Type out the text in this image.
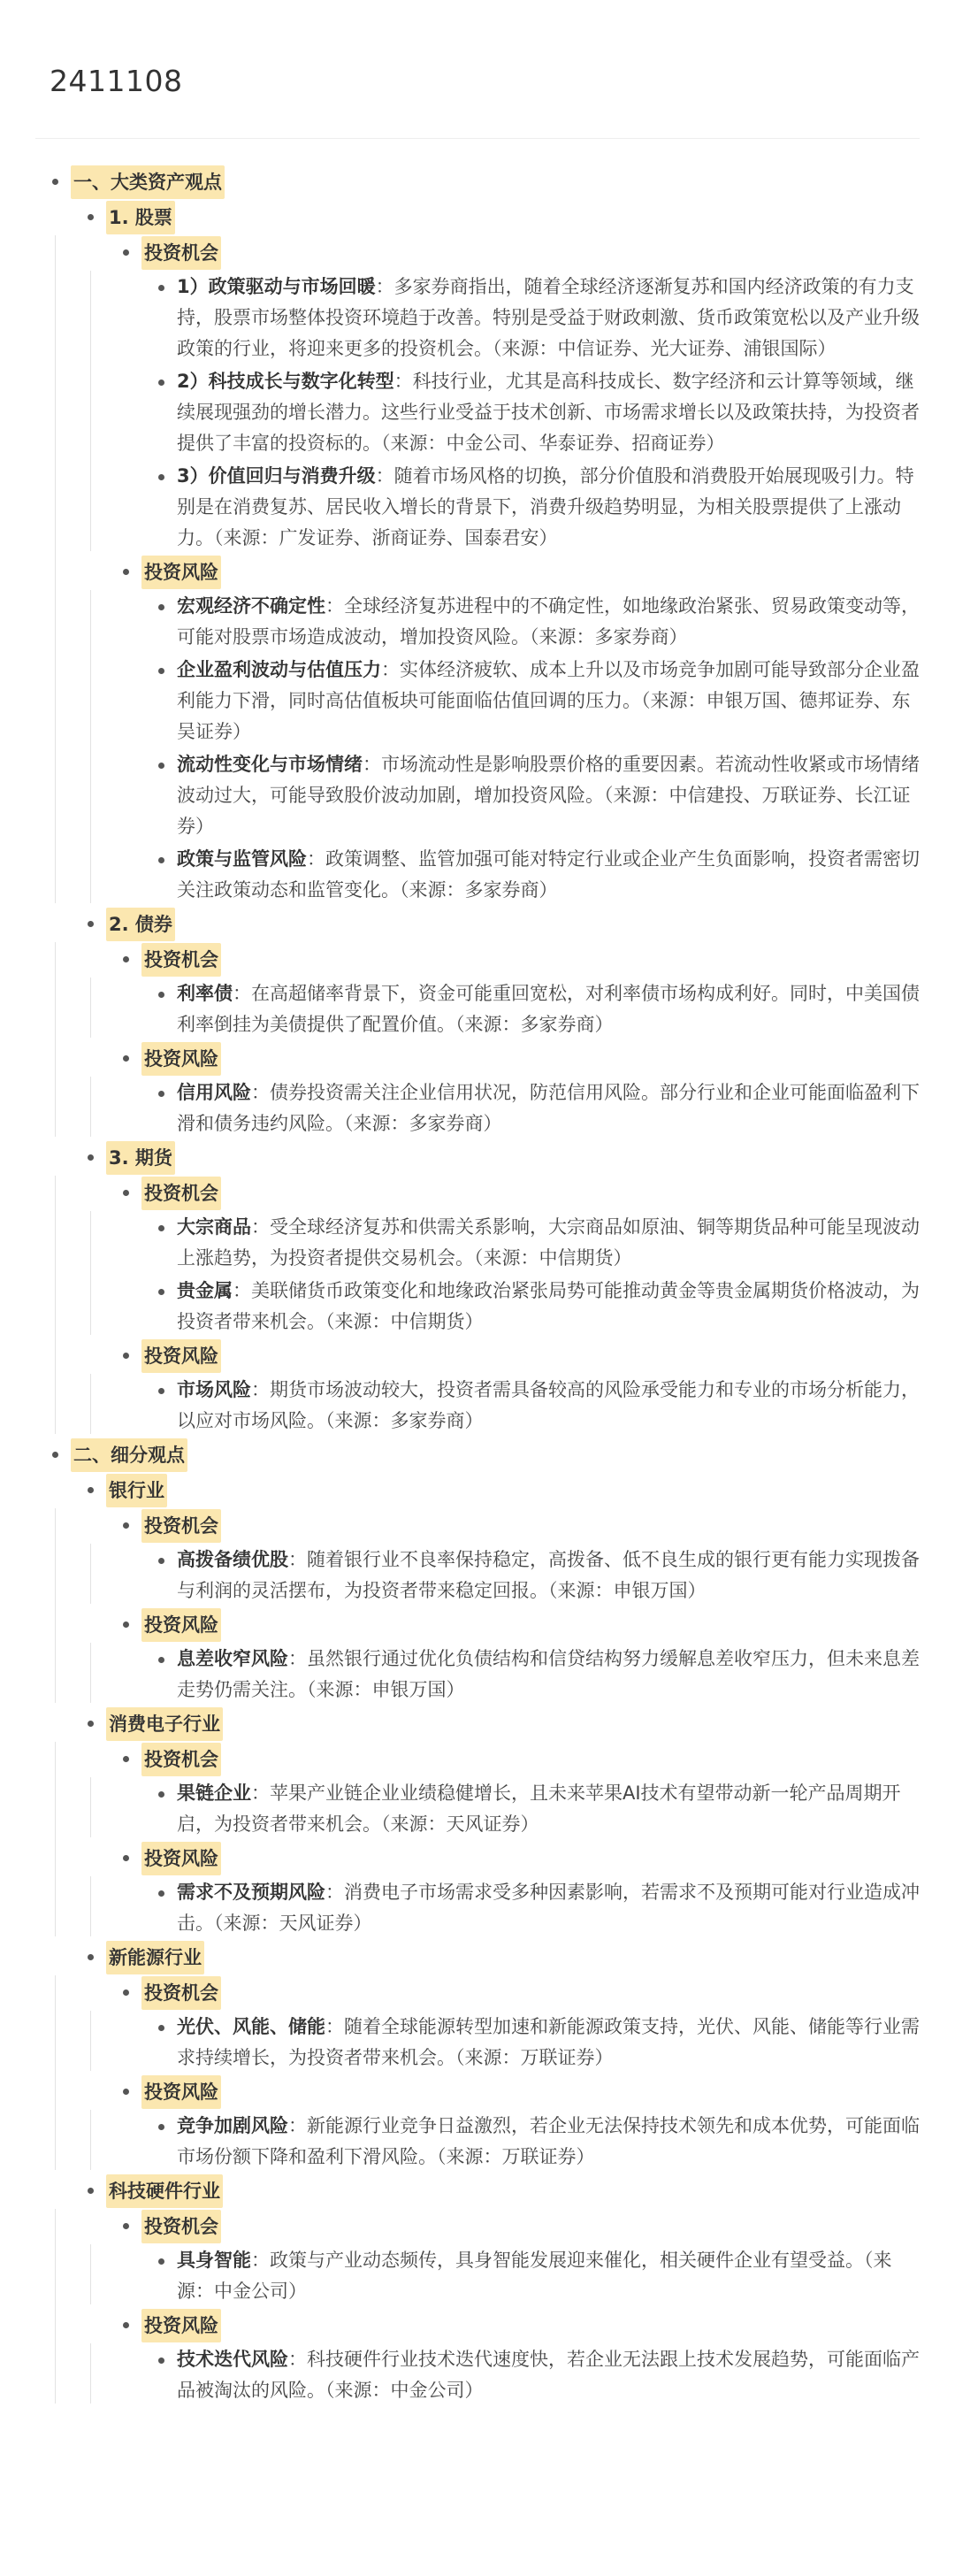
2411108
一、大类资产观点
1. 股票
投资机会
1）政策驱动与市场回暖：多家券商指出，随着全球经济逐渐复苏和国内经济政策的有力支持，股票市场整体投资环境趋于改善。特别是受益于财政刺激、货币政策宽松以及产业升级政策的行业，将迎来更多的投资机会。（来源：中信证券、光大证券、浦银国际）
2）科技成长与数字化转型：科技行业，尤其是高科技成长、数字经济和云计算等领域，继续展现强劲的增长潜力。这些行业受益于技术创新、市场需求增长以及政策扶持，为投资者提供了丰富的投资标的。（来源：中金公司、华泰证券、招商证券）
3）价值回归与消费升级：随着市场风格的切换，部分价值股和消费股开始展现吸引力。特别是在消费复苏、居民收入增长的背景下，消费升级趋势明显，为相关股票提供了上涨动力。（来源：广发证券、浙商证券、国泰君安）
投资风险
宏观经济不确定性：全球经济复苏进程中的不确定性，如地缘政治紧张、贸易政策变动等，可能对股票市场造成波动，增加投资风险。（来源：多家券商）
企业盈利波动与估值压力：实体经济疲软、成本上升以及市场竞争加剧可能导致部分企业盈利能力下滑，同时高估值板块可能面临估值回调的压力。（来源：申银万国、德邦证券、东吴证券）
流动性变化与市场情绪：市场流动性是影响股票价格的重要因素。若流动性收紧或市场情绪波动过大，可能导致股价波动加剧，增加投资风险。（来源：中信建投、万联证券、长江证券）
政策与监管风险：政策调整、监管加强可能对特定行业或企业产生负面影响，投资者需密切关注政策动态和监管变化。（来源：多家券商）
2. 债券
投资机会
利率债：在高超储率背景下，资金可能重回宽松，对利率债市场构成利好。同时，中美国债利率倒挂为美债提供了配置价值。（来源：多家券商）
投资风险
信用风险：债券投资需关注企业信用状况，防范信用风险。部分行业和企业可能面临盈利下滑和债务违约风险。（来源：多家券商）
3. 期货
投资机会
大宗商品：受全球经济复苏和供需关系影响，大宗商品如原油、铜等期货品种可能呈现波动上涨趋势，为投资者提供交易机会。（来源：中信期货）
贵金属：美联储货币政策变化和地缘政治紧张局势可能推动黄金等贵金属期货价格波动，为投资者带来机会。（来源：中信期货）
投资风险
市场风险：期货市场波动较大，投资者需具备较高的风险承受能力和专业的市场分析能力，以应对市场风险。（来源：多家券商）
二、细分观点
银行业
投资机会
高拨备绩优股：随着银行业不良率保持稳定，高拨备、低不良生成的银行更有能力实现拨备与利润的灵活摆布，为投资者带来稳定回报。（来源：申银万国）
投资风险
息差收窄风险：虽然银行通过优化负债结构和信贷结构努力缓解息差收窄压力，但未来息差走势仍需关注。（来源：申银万国）
消费电子行业
投资机会
果链企业：苹果产业链企业业绩稳健增长，且未来苹果AI技术有望带动新一轮产品周期开启，为投资者带来机会。（来源：天风证券）
投资风险
需求不及预期风险：消费电子市场需求受多种因素影响，若需求不及预期可能对行业造成冲击。（来源：天风证券）
新能源行业
投资机会
光伏、风能、储能：随着全球能源转型加速和新能源政策支持，光伏、风能、储能等行业需求持续增长，为投资者带来机会。（来源：万联证券）
投资风险
竞争加剧风险：新能源行业竞争日益激烈，若企业无法保持技术领先和成本优势，可能面临市场份额下降和盈利下滑风险。（来源：万联证券）
科技硬件行业
投资机会
具身智能：政策与产业动态频传，具身智能发展迎来催化，相关硬件企业有望受益。（来源：中金公司）
投资风险
技术迭代风险：科技硬件行业技术迭代速度快，若企业无法跟上技术发展趋势，可能面临产品被淘汰的风险。（来源：中金公司）
